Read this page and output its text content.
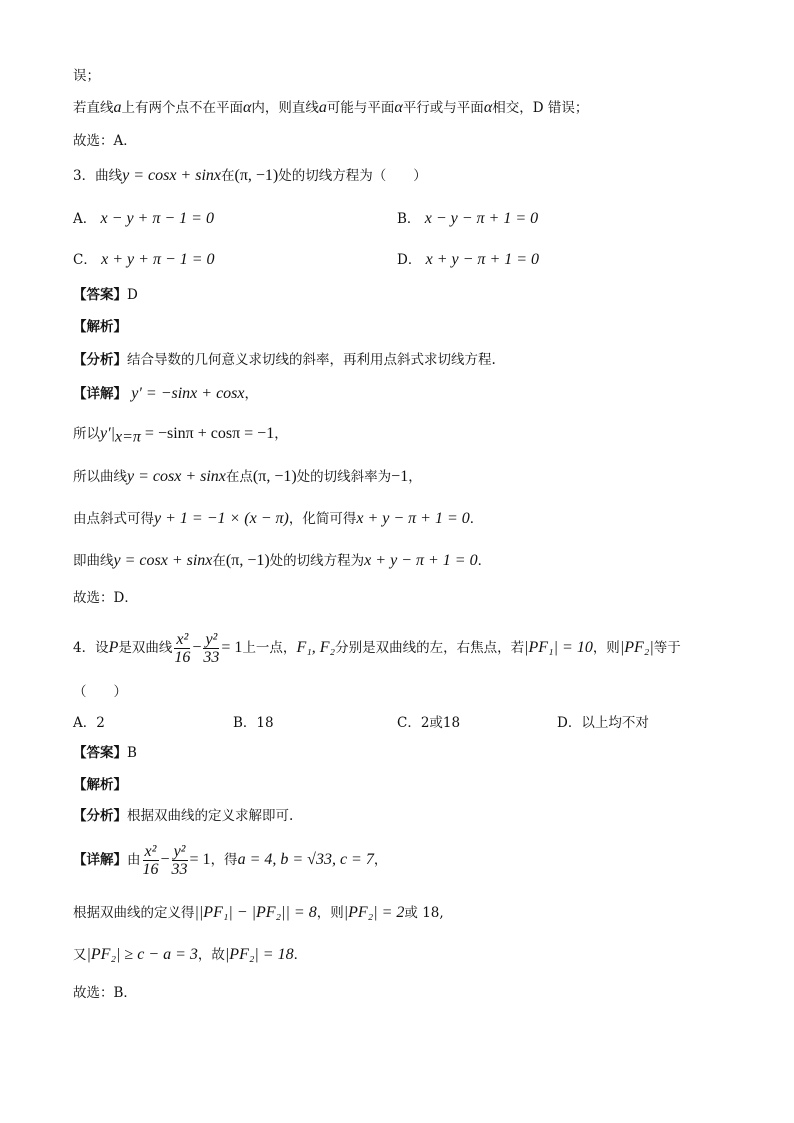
误；
若直线a上有两个点不在平面α内，则直线a可能与平面α平行或与平面α相交，D 错误；
故选：A．
3．曲线y = cosx + sinx在(π, −1)处的切线方程为（　　）
A． x − y + π − 1 = 0	B． x − y − π + 1 = 0
C． x + y + π − 1 = 0	D． x + y − π + 1 = 0
【答案】D
【解析】
【分析】结合导数的几何意义求切线的斜率，再利用点斜式求切线方程.
【详解】 y′ = −sinx + cosx，
所以$y'|_{x=\pi} = -\sin\pi + \cos\pi = -1$，
所以曲线y = cosx + sinx在点(π, −1)处的切线斜率为−1，
由点斜式可得y + 1 = −1 × (x − π)，化简可得x + y − π + 1 = 0．
即曲线y = cosx + sinx在(π, −1)处的切线方程为x + y − π + 1 = 0．
故选：D．
4．设P是双曲线 $\frac{\text{x²}}{16} - \frac{\text{y²}}{33} = 1$上一点，F₁, F₂分别是双曲线的左，右焦点，若|PF₁| = 10，则|PF₂|等于
（　　）
A．2	B．18	C．2或18	D．以上均不对
【答案】B
【解析】
【分析】根据双曲线的定义求解即可.
【详解】由 $\frac{\text{x²}}{16} - \frac{\text{y²}}{33} = 1$，得a = 4, b = √33, c = 7，
根据双曲线的定义得||PF₁| − |PF₂|| = 8，则|PF₂| = 2或 18,
又|PF₂| ≥ c − a = 3，故|PF₂| = 18．
故选：B．
